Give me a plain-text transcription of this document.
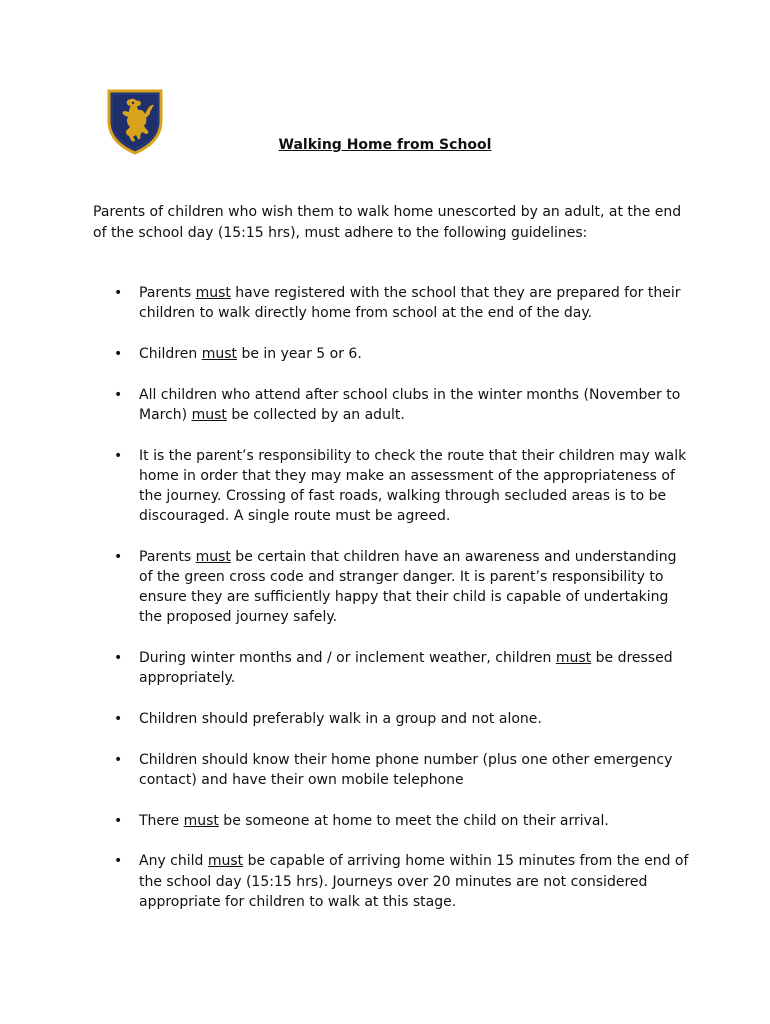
Walking Home from School
Parents of children who wish them to walk home unescorted by an adult, at the end of the school day (15:15 hrs), must adhere to the following guidelines:
• Parents must have registered with the school that they are prepared for their children to walk directly home from school at the end of the day.
• Children must be in year 5 or 6.
• All children who attend after school clubs in the winter months (November to March) must be collected by an adult.
• It is the parent’s responsibility to check the route that their children may walk home in order that they may make an assessment of the appropriateness of the journey. Crossing of fast roads, walking through secluded areas is to be discouraged. A single route must be agreed.
• Parents must be certain that children have an awareness and understanding of the green cross code and stranger danger. It is parent’s responsibility to ensure they are sufficiently happy that their child is capable of undertaking the proposed journey safely.
• During winter months and / or inclement weather, children must be dressed appropriately.
• Children should preferably walk in a group and not alone.
• Children should know their home phone number (plus one other emergency contact) and have their own mobile telephone
• There must be someone at home to meet the child on their arrival.
• Any child must be capable of arriving home within 15 minutes from the end of the school day (15:15 hrs). Journeys over 20 minutes are not considered appropriate for children to walk at this stage.
